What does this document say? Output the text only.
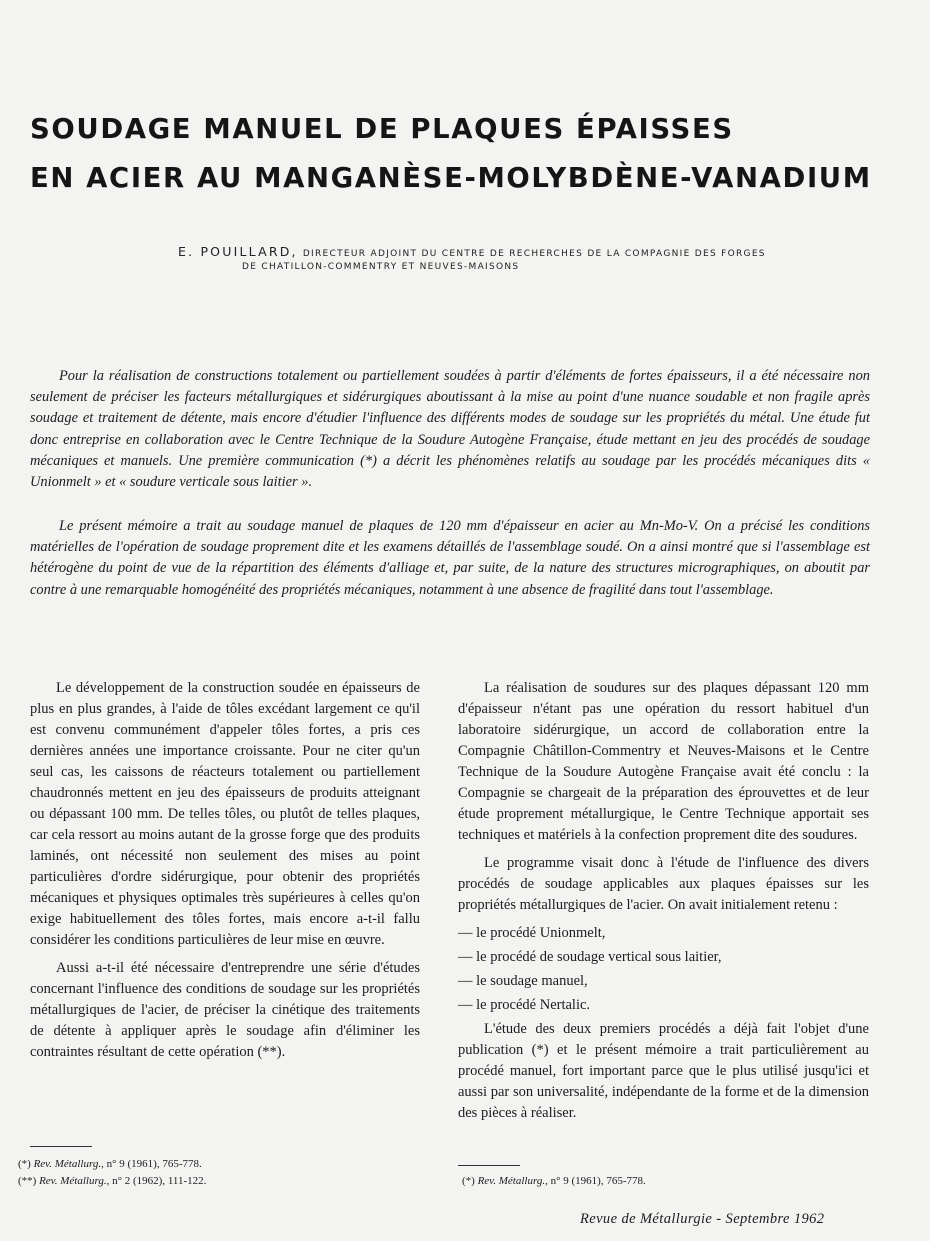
SOUDAGE MANUEL DE PLAQUES ÉPAISSES
EN ACIER AU MANGANÈSE-MOLYBDÈNE-VANADIUM
E. POUILLARD, DIRECTEUR ADJOINT DU CENTRE DE RECHERCHES DE LA COMPAGNIE DES FORGES
DE CHATILLON-COMMENTRY ET NEUVES-MAISONS

Pour la réalisation de constructions totalement ou partiellement soudées à partir d'éléments de fortes épaisseurs, il a été nécessaire non seulement de préciser les facteurs métallurgiques et sidérurgiques aboutissant à la mise au point d'une nuance soudable et non fragile après soudage et traitement de détente, mais encore d'étudier l'influence des différents modes de soudage sur les propriétés du métal. Une étude fut donc entreprise en collaboration avec le Centre Technique de la Soudure Autogène Française, étude mettant en jeu des procédés de soudage mécaniques et manuels. Une première communication (*) a décrit les phénomènes relatifs au soudage par les procédés mécaniques dits « Unionmelt » et « soudure verticale sous laitier ».

Le présent mémoire a trait au soudage manuel de plaques de 120 mm d'épaisseur en acier au Mn-Mo-V. On a précisé les conditions matérielles de l'opération de soudage proprement dite et les examens détaillés de l'assemblage soudé. On a ainsi montré que si l'assemblage est hétérogène du point de vue de la répartition des éléments d'alliage et, par suite, de la nature des structures micrographiques, on aboutit par contre à une remarquable homogénéité des propriétés mécaniques, notamment à une absence de fragilité dans tout l'assemblage.

Le développement de la construction soudée en épaisseurs de plus en plus grandes, à l'aide de tôles excédant largement ce qu'il est convenu communément d'appeler tôles fortes, a pris ces dernières années une importance croissante. Pour ne citer qu'un seul cas, les caissons de réacteurs totalement ou partiellement chaudronnés mettent en jeu des épaisseurs de produits atteignant ou dépassant 100 mm. De telles tôles, ou plutôt de telles plaques, car cela ressort au moins autant de la grosse forge que des produits laminés, ont nécessité non seulement des mises au point particulières d'ordre sidérurgique, pour obtenir des propriétés mécaniques et physiques optimales très supérieures à celles qu'on exige habituellement des tôles fortes, mais encore a-t-il fallu considérer les conditions particulières de leur mise en œuvre.

Aussi a-t-il été nécessaire d'entreprendre une série d'études concernant l'influence des conditions de soudage sur les propriétés métallurgiques de l'acier, de préciser la cinétique des traitements de détente à appliquer après le soudage afin d'éliminer les contraintes résultant de cette opération (**).

La réalisation de soudures sur des plaques dépassant 120 mm d'épaisseur n'étant pas une opération du ressort habituel d'un laboratoire sidérurgique, un accord de collaboration entre la Compagnie Châtillon-Commentry et Neuves-Maisons et le Centre Technique de la Soudure Autogène Française avait été conclu : la Compagnie se chargeait de la préparation des éprouvettes et de leur étude proprement métallurgique, le Centre Technique apportait ses techniques et matériels à la confection proprement dite des soudures.

Le programme visait donc à l'étude de l'influence des divers procédés de soudage applicables aux plaques épaisses sur les propriétés métallurgiques de l'acier. On avait initialement retenu :

— le procédé Unionmelt,

— le procédé de soudage vertical sous laitier,

— le soudage manuel,

— le procédé Nertalic.

L'étude des deux premiers procédés a déjà fait l'objet d'une publication (*) et le présent mémoire a trait particulièrement au procédé manuel, fort important parce que le plus utilisé jusqu'ici et aussi par son universalité, indépendante de la forme et de la dimension des pièces à réaliser.

(*) Rev. Métallurg., n° 9 (1961), 765-778.
(**) Rev. Métallurg., n° 2 (1962), 111-122.	(*) Rev. Métallurg., n° 9 (1961), 765-778.
Revue de Métallurgie - Septembre 1962
